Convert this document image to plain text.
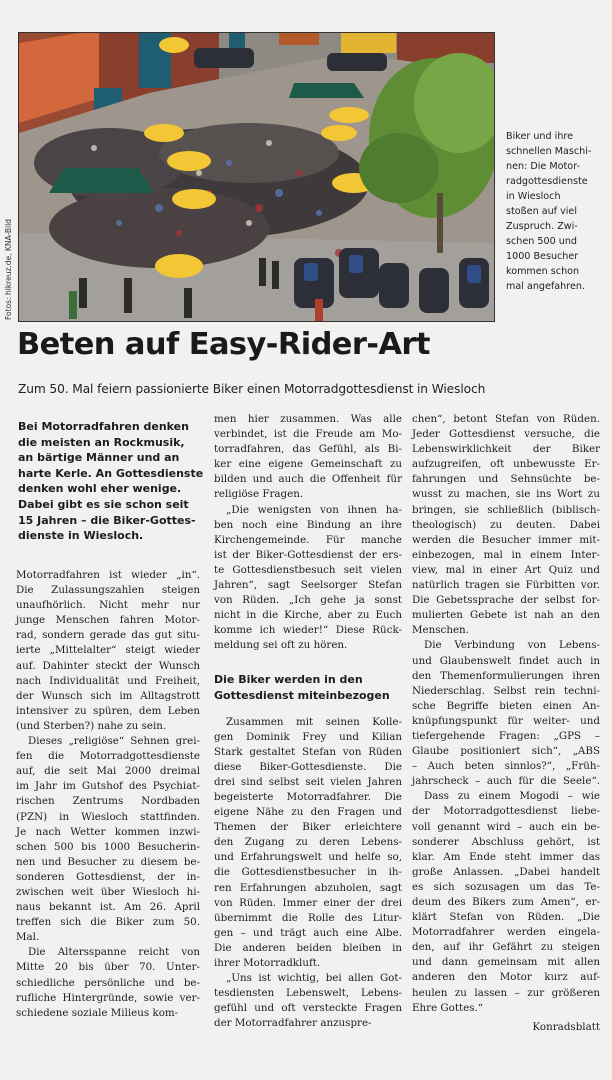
Fotos: hlkreuz.de, KNA-Bild
Biker und ihre
schnellen Maschi-
nen: Die Motor-
radgottesdienste
in Wiesloch
stoßen auf viel
Zuspruch. Zwi-
schen 500 und
1000 Besucher
kommen schon
mal angefahren.
Beten auf Easy-Rider-Art

Zum 50. Mal feiern passionierte Biker einen Motorradgottesdienst in Wiesloch

Bei Motorradfahren denken
die meisten an Rockmusik,
an bärtige Männer und an
harte Kerle. An Gottesdienste
denken wohl eher wenige.
Dabei gibt es sie schon seit
15 Jahren – die Biker-Gottes-
dienste in Wiesloch.
Motorradfahren ist wieder „in“.
Die Zulassungszahlen steigen
unaufhörlich. Nicht mehr nur
junge Menschen fahren Motor-
rad, sondern gerade das gut situ-
ierte „Mittelalter“ steigt wieder
auf. Dahinter steckt der Wunsch
nach Individualität und Freiheit,
der Wunsch sich im Alltagstrott
intensiver zu spüren, dem Leben
(und Sterben?) nahe zu sein.
Dieses „religiöse“ Sehnen grei-
fen die Motorradgottesdienste
auf, die seit Mai 2000 dreimal
im Jahr im Gutshof des Psychiat-
rischen Zentrums Nordbaden
(PZN) in Wiesloch stattfinden.
Je nach Wetter kommen inzwi-
schen 500 bis 1000 Besucherin-
nen und Besucher zu diesem be-
sonderen Gottesdienst, der in-
zwischen weit über Wiesloch hi-
naus bekannt ist. Am 26. April
treffen sich die Biker zum 50.
Mal.
Die Altersspanne reicht von
Mitte 20 bis über 70. Unter-
schiedliche persönliche und be-
rufliche Hintergründe, sowie ver-
schiedene soziale Milieus kom-
men hier zusammen. Was alle
verbindet, ist die Freude am Mo-
torradfahren, das Gefühl, als Bi-
ker eine eigene Gemeinschaft zu
bilden und auch die Offenheit für
religiöse Fragen.
„Die wenigsten von ihnen ha-
ben noch eine Bindung an ihre
Kirchengemeinde. Für manche
ist der Biker-Gottesdienst der ers-
te Gottesdienstbesuch seit vielen
Jahren“, sagt Seelsorger Stefan
von Rüden. „Ich gehe ja sonst
nicht in die Kirche, aber zu Euch
komme ich wieder!“ Diese Rück-
meldung sei oft zu hören.
Die Biker werden in den
Gottesdienst miteinbezogen
Zusammen mit seinen Kolle-
gen Dominik Frey und Kilian
Stark gestaltet Stefan von Rüden
diese Biker-Gottesdienste. Die
drei sind selbst seit vielen Jahren
begeisterte Motorradfahrer. Die
eigene Nähe zu den Fragen und
Themen der Biker erleichtere
den Zugang zu deren Lebens-
und Erfahrungswelt und helfe so,
die Gottesdienstbesucher in ih-
ren Erfahrungen abzuholen, sagt
von Rüden. Immer einer der drei
übernimmt die Rolle des Litur-
gen – und trägt auch eine Albe.
Die anderen beiden bleiben in
ihrer Motorradkluft.
„Uns ist wichtig, bei allen Got-
tesdiensten Lebenswelt, Lebens-
gefühl und oft versteckte Fragen
der Motorradfahrer anzuspre-
chen“, betont Stefan von Rüden.
Jeder Gottesdienst versuche, die
Lebenswirklichkeit der Biker
aufzugreifen, oft unbewusste Er-
fahrungen und Sehnsüchte be-
wusst zu machen, sie ins Wort zu
bringen, sie schließlich (biblisch-
theologisch) zu deuten. Dabei
werden die Besucher immer mit-
einbezogen, mal in einem Inter-
view, mal in einer Art Quiz und
natürlich tragen sie Fürbitten vor.
Die Gebetssprache der selbst for-
mulierten Gebete ist nah an den
Menschen.
Die Verbindung von Lebens-
und Glaubenswelt findet auch in
den Themenformulierungen ihren
Niederschlag. Selbst rein techni-
sche Begriffe bieten einen An-
knüpfungspunkt für weiter- und
tiefergehende Fragen: „GPS –
Glaube positioniert sich“, „ABS
– Auch beten sinnlos?“, „Früh-
jahrscheck – auch für die Seele“.
Dass zu einem Mogodi – wie
der Motorradgottesdienst liebe-
voll genannt wird – auch ein be-
sonderer Abschluss gehört, ist
klar. Am Ende steht immer das
große Anlassen. „Dabei handelt
es sich sozusagen um das Te-
deum des Bikers zum Amen“, er-
klärt Stefan von Rüden. „Die
Motorradfahrer werden eingela-
den, auf ihr Gefährt zu steigen
und dann gemeinsam mit allen
anderen den Motor kurz auf-
heulen zu lassen – zur größeren
Ehre Gottes.“
Konradsblatt
